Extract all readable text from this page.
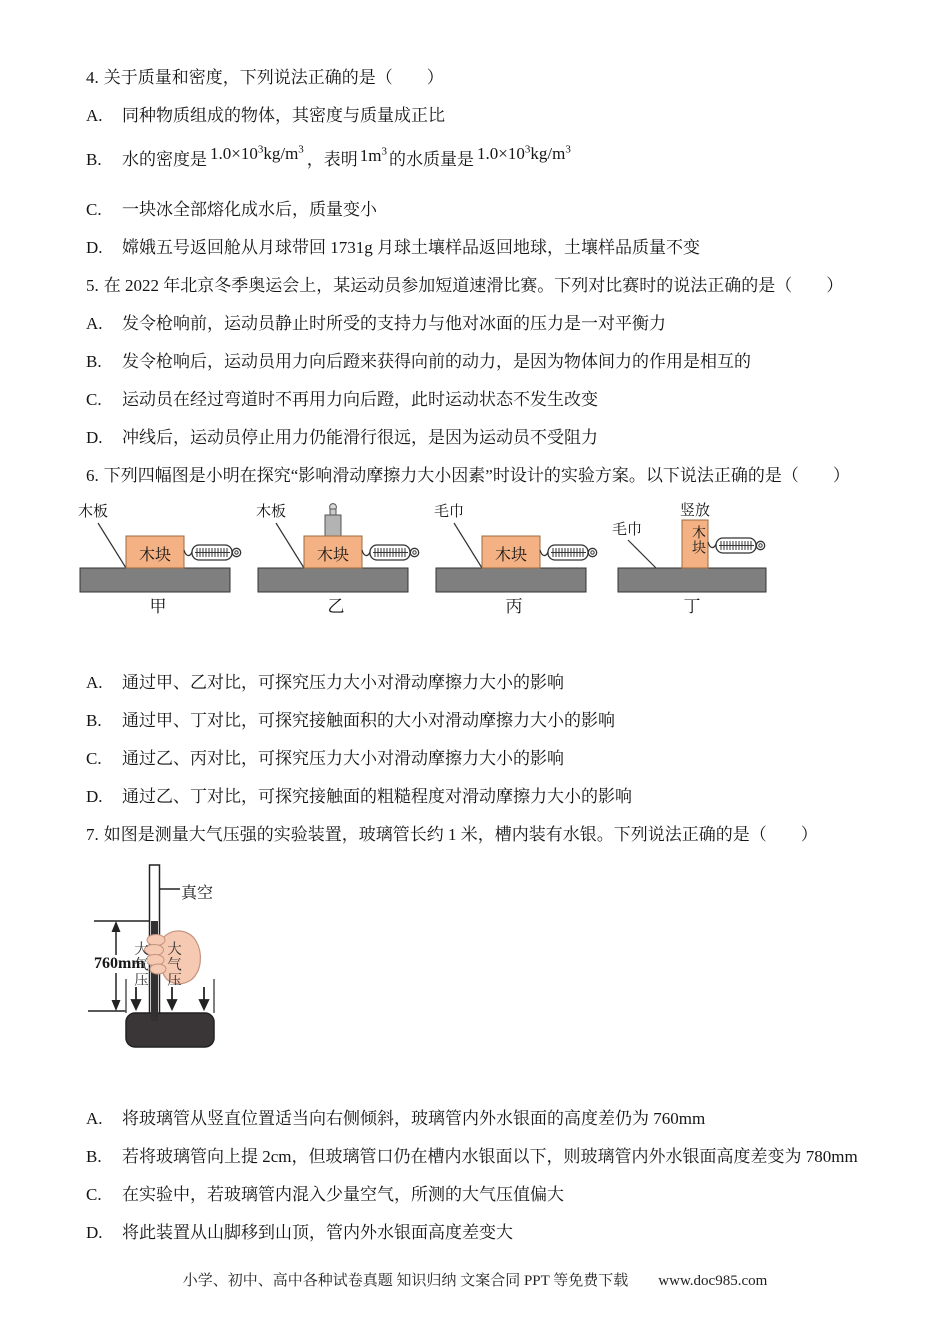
4. 关于质量和密度，下列说法正确的是（　　）
A.	同种物质组成的物体，其密度与质量成正比
B.	水的密度是 $1.0\times 10^3kg/m^3$，表明 $1m^3$ 的水质量是 $1.0\times 10^3kg/m^3$
C.	一块冰全部熔化成水后，质量变小
D.	嫦娥五号返回舱从月球带回 1731g 月球土壤样品返回地球，土壤样品质量不变
5. 在 2022 年北京冬季奥运会上，某运动员参加短道速滑比赛。下列对比赛时的说法正确的是（　　）
A.	发令枪响前，运动员静止时所受的支持力与他对冰面的压力是一对平衡力
B.	发令枪响后，运动员用力向后蹬来获得向前的动力，是因为物体间力的作用是相互的
C.	运动员在经过弯道时不再用力向后蹬，此时运动状态不发生改变
D.	冲线后，运动员停止用力仍能滑行很远，是因为运动员不受阻力
6. 下列四幅图是小明在探究“影响滑动摩擦力大小因素”时设计的实验方案。以下说法正确的是（　　）
木板
木块
甲
木板
木块
乙
毛巾
木块
丙
毛巾
竖放
木块
丁
A.	通过甲、乙对比，可探究压力大小对滑动摩擦力大小的影响
B.	通过甲、丁对比，可探究接触面积的大小对滑动摩擦力大小的影响
C.	通过乙、丙对比，可探究压力大小对滑动摩擦力大小的影响
D.	通过乙、丁对比，可探究接触面的粗糙程度对滑动摩擦力大小的影响
7. 如图是测量大气压强的实验装置，玻璃管长约 1 米，槽内装有水银。下列说法正确的是（　　）
真空
760mm
大气压 大气压
A.	将玻璃管从竖直位置适当向右侧倾斜，玻璃管内外水银面的高度差仍为 760mm
B.	若将玻璃管向上提 2cm，但玻璃管口仍在槽内水银面以下，则玻璃管内外水银面高度差变为 780mm
C.	在实验中，若玻璃管内混入少量空气，所测的大气压值偏大
D.	将此装置从山脚移到山顶，管内外水银面高度差变大
小学、初中、高中各种试卷真题 知识归纳 文案合同 PPT 等免费下载 www.doc985.com
